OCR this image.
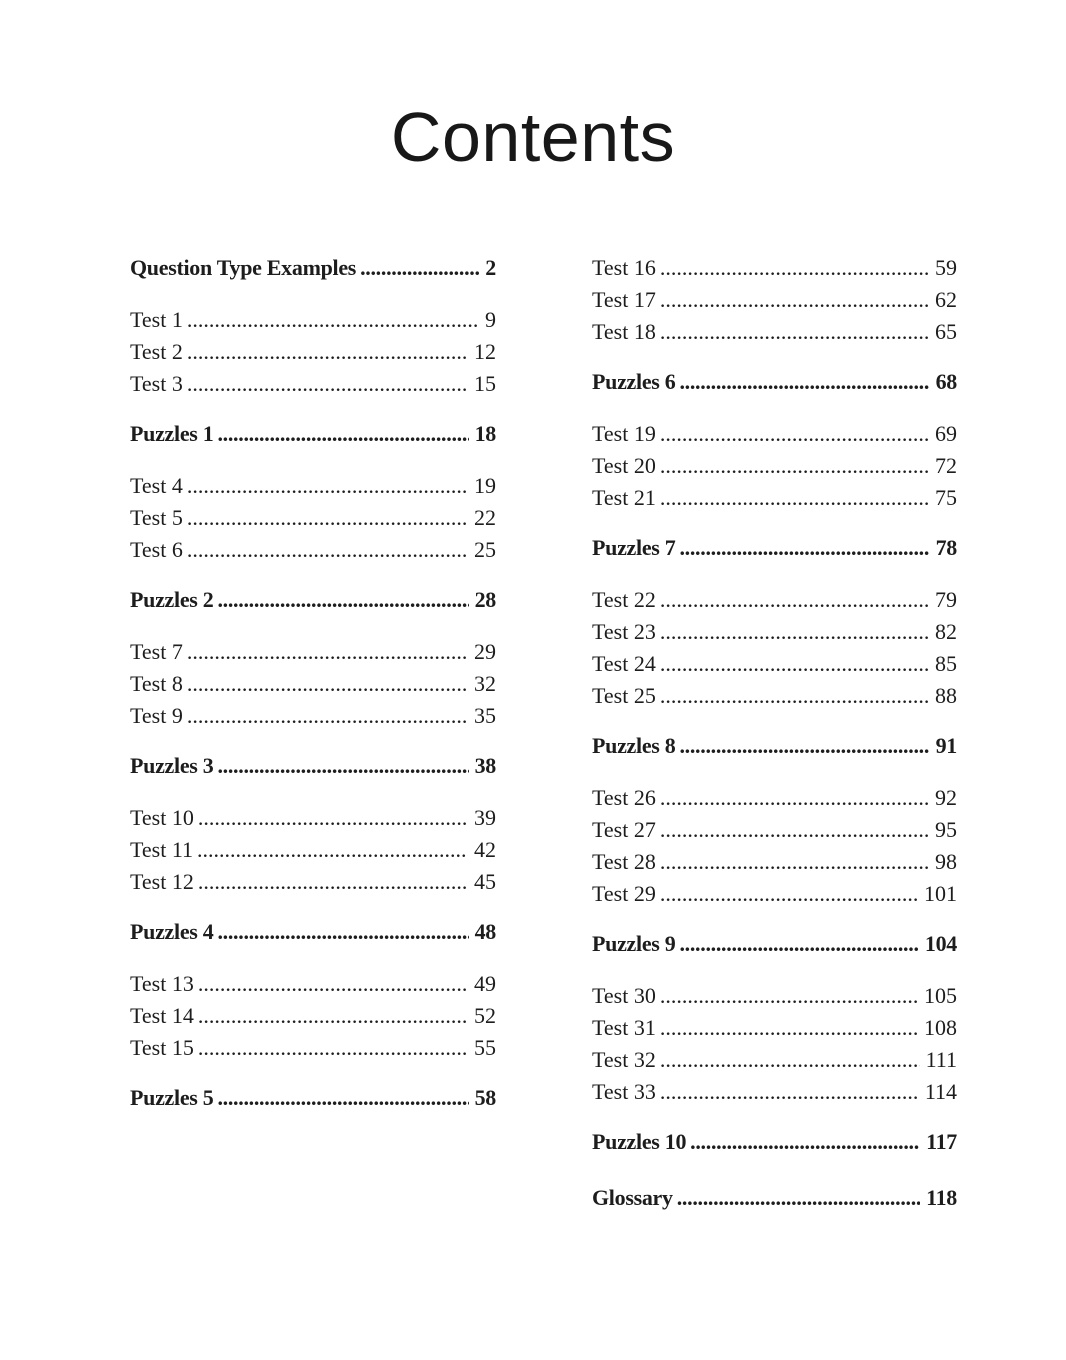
Contents
Question Type Examples .....	2
Test 1 .....	9
Test 2 .....	12
Test 3 .....	15
Puzzles 1 .....	18
Test 4 .....	19
Test 5 .....	22
Test 6 .....	25
Puzzles 2 .....	28
Test 7 .....	29
Test 8 .....	32
Test 9 .....	35
Puzzles 3 .....	38
Test 10 .....	39
Test 11 .....	42
Test 12 .....	45
Puzzles 4 .....	48
Test 13 .....	49
Test 14 .....	52
Test 15 .....	55
Puzzles 5 .....	58
Test 16 .....	59
Test 17 .....	62
Test 18 .....	65
Puzzles 6 .....	68
Test 19 .....	69
Test 20 .....	72
Test 21 .....	75
Puzzles 7 .....	78
Test 22 .....	79
Test 23 .....	82
Test 24 .....	85
Test 25 .....	88
Puzzles 8 .....	91
Test 26 .....	92
Test 27 .....	95
Test 28 .....	98
Test 29 .....	101
Puzzles 9 .....	104
Test 30 .....	105
Test 31 .....	108
Test 32 .....	111
Test 33 .....	114
Puzzles 10 .....	117
Glossary .....	118
